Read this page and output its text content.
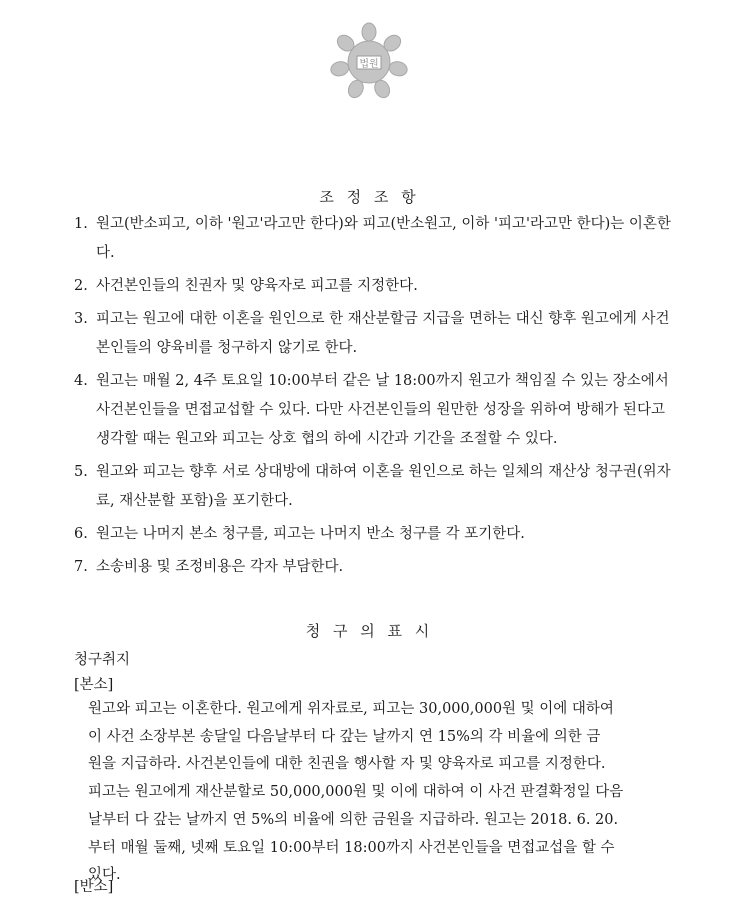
법원
조 정 조 항
1. 원고(반소피고, 이하 '원고'라고만 한다)와 피고(반소원고, 이하 '피고'라고만 한다)는 이혼한다.
2. 사건본인들의 친권자 및 양육자로 피고를 지정한다.
3. 피고는 원고에 대한 이혼을 원인으로 한 재산분할금 지급을 면하는 대신 향후 원고에게 사건본인들의 양육비를 청구하지 않기로 한다.
4. 원고는 매월 2, 4주 토요일 10:00부터 같은 날 18:00까지 원고가 책임질 수 있는 장소에서 사건본인들을 면접교섭할 수 있다. 다만 사건본인들의 원만한 성장을 위하여 방해가 된다고 생각할 때는 원고와 피고는 상호 협의 하에 시간과 기간을 조절할 수 있다.
5. 원고와 피고는 향후 서로 상대방에 대하여 이혼을 원인으로 하는 일체의 재산상 청구권(위자료, 재산분할 포함)을 포기한다.
6. 원고는 나머지 본소 청구를, 피고는 나머지 반소 청구를 각 포기한다.
7. 소송비용 및 조정비용은 각자 부담한다.
청 구 의 표 시
청구취지
[본소]

원고와 피고는 이혼한다. 원고에게 위자료로, 피고는 30,000,000원 및 이에 대하여

이 사건 소장부본 송달일 다음날부터 다 갚는 날까지 연 15%의 각 비율에 의한 금

원을 지급하라. 사건본인들에 대한 친권을 행사할 자 및 양육자로 피고를 지정한다.

피고는 원고에게 재산분할로 50,000,000원 및 이에 대하여 이 사건 판결확정일 다음

날부터 다 갚는 날까지 연 5%의 비율에 의한 금원을 지급하라. 원고는 2018. 6. 20.

부터 매월 둘째, 넷째 토요일 10:00부터 18:00까지 사건본인들을 면접교섭을 할 수

있다.

[반소]
